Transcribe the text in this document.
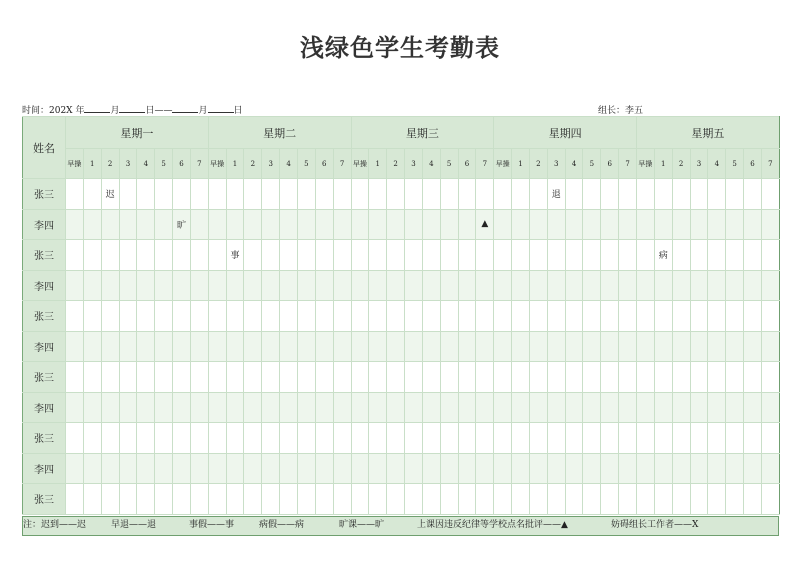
浅绿色学生考勤表
时间：202X 年	月	日——	月	日	组长：李五
姓名	星期一								星期二								星期三								星期四								星期五							
	早操	1	2	3	4	5	6	7	早操	1	2	3	4	5	6	7	早操	1	2	3	4	5	6	7	早操	1	2	3	4	5	6	7	早操	1	2	3	4	5	6	7
张三			迟																									退												
李四							旷																	▲																
张三										事																								病						
李四																																								
张三																																								
李四																																								
张三																																								
李四																																								
张三																																								
李四																																								
张三																																								
注：迟到——迟	早退——退	事假——事	病假——病	旷课——旷	上课因违反纪律等学校点名批评——▲	妨碍组长工作者——X
